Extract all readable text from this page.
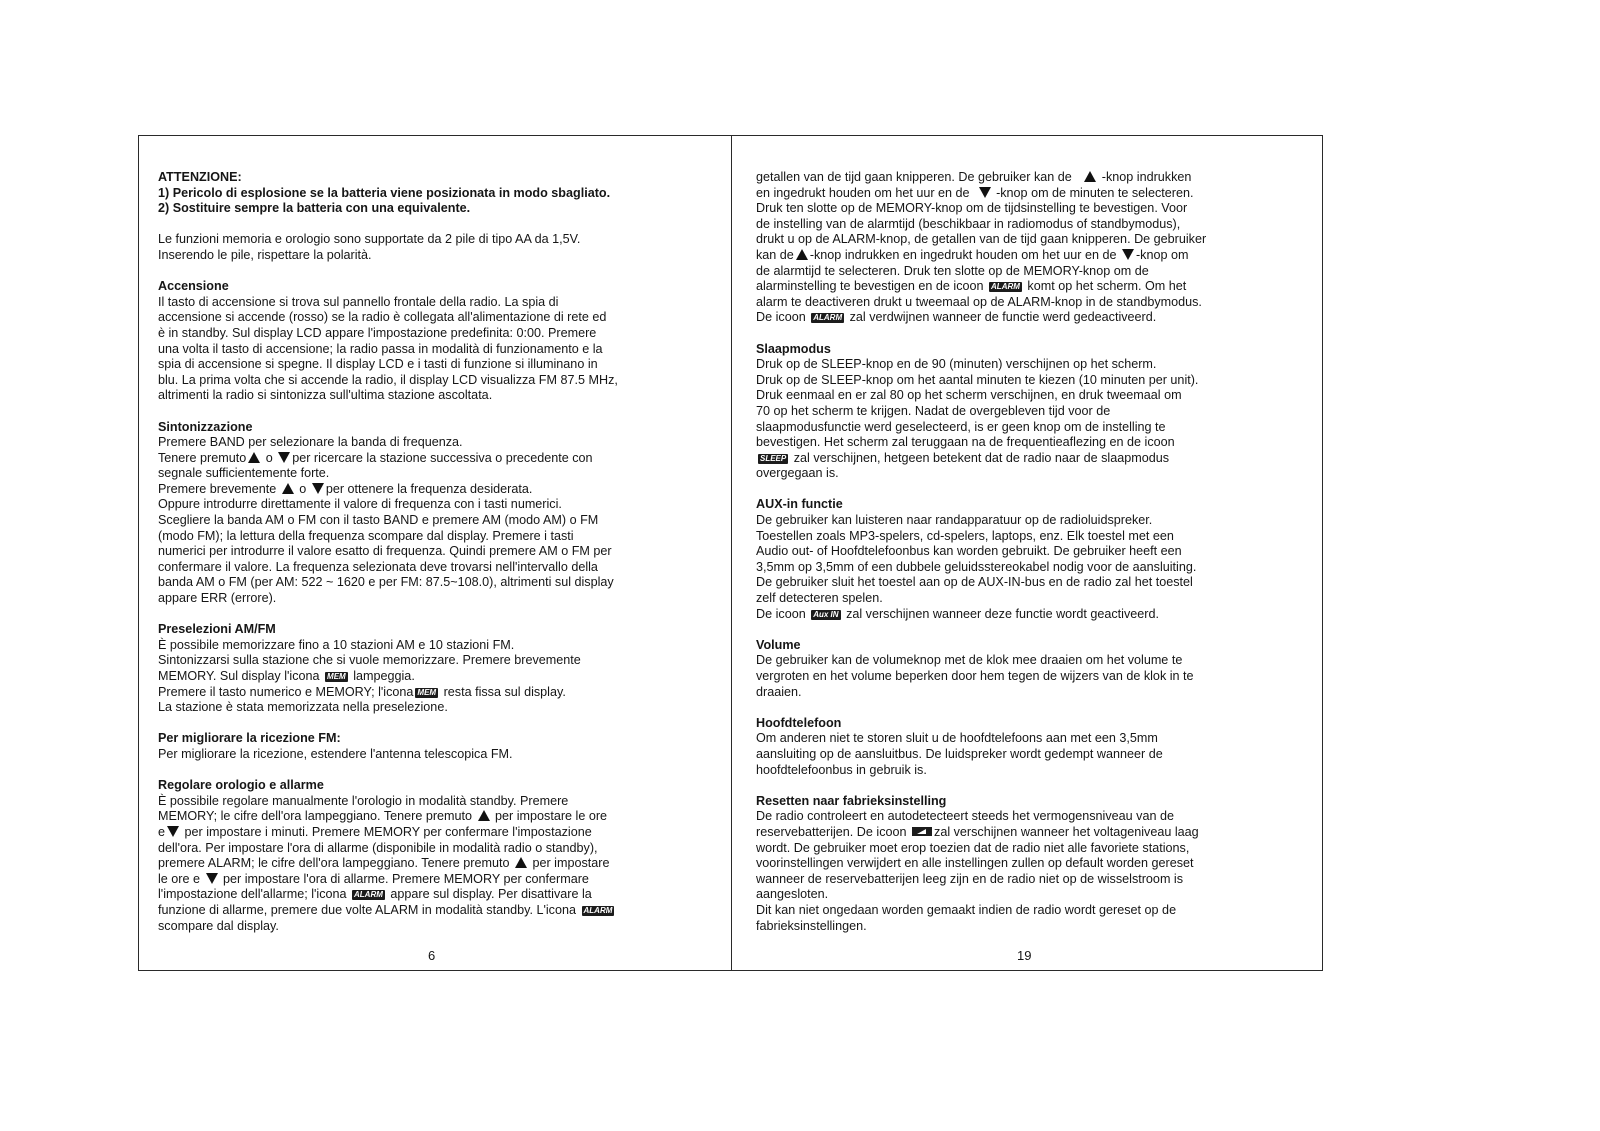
ATTENZIONE:
1) Pericolo di esplosione se la batteria viene posizionata in modo sbagliato.
2) Sostituire sempre la batteria con una equivalente.
Le funzioni memoria e orologio sono supportate da 2 pile di tipo AA da 1,5V.
Inserendo le pile, rispettare la polarità.
Accensione
Il tasto di accensione si trova sul pannello frontale della radio. La spia di
accensione si accende (rosso) se la radio è collegata all'alimentazione di rete ed
è in standby. Sul display LCD appare l'impostazione predefinita: 0:00. Premere
una volta il tasto di accensione; la radio passa in modalità di funzionamento e la
spia di accensione si spegne. Il display LCD e i tasti di funzione si illuminano in
blu. La prima volta che si accende la radio, il display LCD visualizza FM 87.5 MHz,
altrimenti la radio si sintonizza sull'ultima stazione ascoltata.
Sintonizzazione
Premere BAND per selezionare la banda di frequenza.
Tenere premuto o per ricercare la stazione successiva o precedente con
segnale sufficientemente forte.
Premere brevemente o per ottenere la frequenza desiderata.
Oppure introdurre direttamente il valore di frequenza con i tasti numerici.
Scegliere la banda AM o FM con il tasto BAND e premere AM (modo AM) o FM
(modo FM); la lettura della frequenza scompare dal display. Premere i tasti
numerici per introdurre il valore esatto di frequenza. Quindi premere AM o FM per
confermare il valore. La frequenza selezionata deve trovarsi nell'intervallo della
banda AM o FM (per AM: 522 ~ 1620 e per FM: 87.5~108.0), altrimenti sul display
appare ERR (errore).
Preselezioni AM/FM
È possibile memorizzare fino a 10 stazioni AM e 10 stazioni FM.
Sintonizzarsi sulla stazione che si vuole memorizzare. Premere brevemente
MEMORY. Sul display l'icona MEM lampeggia.
Premere il tasto numerico e MEMORY; l'icona MEM resta fissa sul display.
La stazione è stata memorizzata nella preselezione.
Per migliorare la ricezione FM:
Per migliorare la ricezione, estendere l'antenna telescopica FM.
Regolare orologio e allarme
È possibile regolare manualmente l'orologio in modalità standby. Premere
MEMORY; le cifre dell'ora lampeggiano. Tenere premuto per impostare le ore
e per impostare i minuti. Premere MEMORY per confermare l'impostazione
dell'ora. Per impostare l'ora di allarme (disponibile in modalità radio o standby),
premere ALARM; le cifre dell'ora lampeggiano. Tenere premuto per impostare
le ore e per impostare l'ora di allarme. Premere MEMORY per confermare
l'impostazione dell'allarme; l'icona ALARM appare sul display. Per disattivare la
funzione di allarme, premere due volte ALARM in modalità standby. L'icona ALARM
scompare dal display.
6
getallen van de tijd gaan knipperen. De gebruiker kan de -knop indrukken
en ingedrukt houden om het uur en de -knop om de minuten te selecteren.
Druk ten slotte op de MEMORY-knop om de tijdsinstelling te bevestigen. Voor
de instelling van de alarmtijd (beschikbaar in radiomodus of standbymodus),
drukt u op de ALARM-knop, de getallen van de tijd gaan knipperen. De gebruiker
kan de -knop indrukken en ingedrukt houden om het uur en de -knop om
de alarmtijd te selecteren. Druk ten slotte op de MEMORY-knop om de
alarminstelling te bevestigen en de icoon ALARM komt op het scherm. Om het
alarm te deactiveren drukt u tweemaal op de ALARM-knop in de standbymodus.
De icoon ALARM zal verdwijnen wanneer de functie werd gedeactiveerd.
Slaapmodus
Druk op de SLEEP-knop en de 90 (minuten) verschijnen op het scherm.
Druk op de SLEEP-knop om het aantal minuten te kiezen (10 minuten per unit).
Druk eenmaal en er zal 80 op het scherm verschijnen, en druk tweemaal om
70 op het scherm te krijgen. Nadat de overgebleven tijd voor de
slaapmodusfunctie werd geselecteerd, is er geen knop om de instelling te
bevestigen. Het scherm zal teruggaan na de frequentieaflezing en de icoon
SLEEP zal verschijnen, hetgeen betekent dat de radio naar de slaapmodus
overgegaan is.
AUX-in functie
De gebruiker kan luisteren naar randapparatuur op de radioluidspreker.
Toestellen zoals MP3-spelers, cd-spelers, laptops, enz. Elk toestel met een
Audio out- of Hoofdtelefoonbus kan worden gebruikt. De gebruiker heeft een
3,5mm op 3,5mm of een dubbele geluidsstereokabel nodig voor de aansluiting.
De gebruiker sluit het toestel aan op de AUX-IN-bus en de radio zal het toestel
zelf detecteren spelen.
De icoon Aux IN zal verschijnen wanneer deze functie wordt geactiveerd.
Volume
De gebruiker kan de volumeknop met de klok mee draaien om het volume te
vergroten en het volume beperken door hem tegen de wijzers van de klok in te
draaien.
Hoofdtelefoon
Om anderen niet te storen sluit u de hoofdtelefoons aan met een 3,5mm
aansluiting op de aansluitbus. De luidspreker wordt gedempt wanneer de
hoofdtelefoonbus in gebruik is.
Resetten naar fabrieksinstelling
De radio controleert en autodetecteert steeds het vermogensniveau van de
reservebatterijen. De icoon zal verschijnen wanneer het voltageniveau laag
wordt. De gebruiker moet erop toezien dat de radio niet alle favoriete stations,
voorinstellingen verwijdert en alle instellingen zullen op default worden gereset
wanneer de reservebatterijen leeg zijn en de radio niet op de wisselstroom is
aangesloten.
Dit kan niet ongedaan worden gemaakt indien de radio wordt gereset op de
fabrieksinstellingen.
19
